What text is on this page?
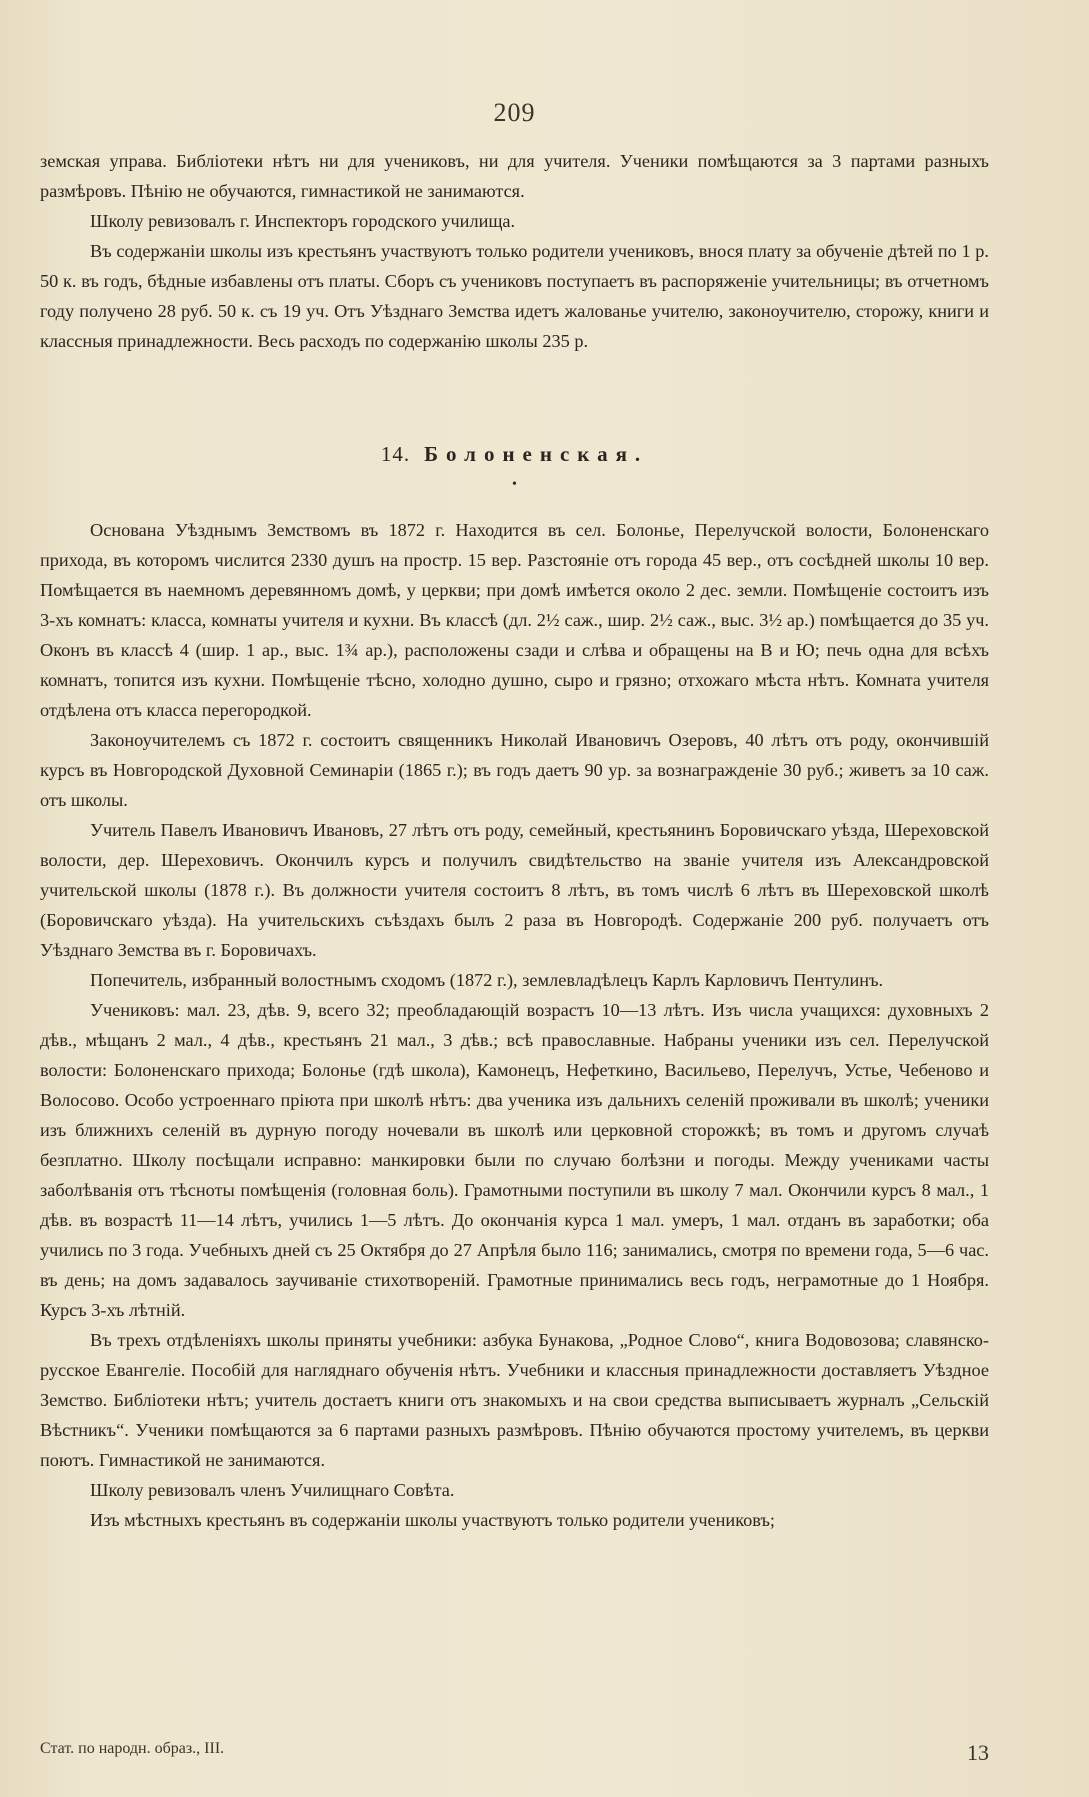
209

земская управа. Библіотеки нѣтъ ни для учениковъ, ни для учителя. Ученики помѣщаются за 3 партами разныхъ размѣровъ. Пѣнію не обучаются, гимнастикой не занимаются.

Школу ревизовалъ г. Инспекторъ городского училища.

Въ содержаніи школы изъ крестьянъ участвуютъ только родители учениковъ, внося плату за обученіе дѣтей по 1 р. 50 к. въ годъ, бѣдные избавлены отъ платы. Сборъ съ учениковъ поступаетъ въ распоряженіе учительницы; въ отчетномъ году получено 28 руб. 50 к. съ 19 уч. Отъ Уѣзднаго Земства идетъ жалованье учителю, законоучителю, сторожу, книги и классныя принадлежности. Весь расходъ по содержанію школы 235 р.

14. Болоненская.
•

Основана Уѣзднымъ Земствомъ въ 1872 г. Находится въ сел. Болонье, Перелучской волости, Болоненскаго прихода, въ которомъ числится 2330 душъ на простр. 15 вер. Разстояніе отъ города 45 вер., отъ сосѣдней школы 10 вер. Помѣщается въ наемномъ деревянномъ домѣ, у церкви; при домѣ имѣется около 2 дес. земли. Помѣщеніе состоитъ изъ 3-хъ комнатъ: класса, комнаты учителя и кухни. Въ классѣ (дл. 2½ саж., шир. 2½ саж., выс. 3½ ар.) помѣщается до 35 уч. Оконъ въ классѣ 4 (шир. 1 ар., выс. 1¾ ар.), расположены сзади и слѣва и обращены на В и Ю; печь одна для всѣхъ комнатъ, топится изъ кухни. Помѣщеніе тѣсно, холодно душно, сыро и грязно; отхожаго мѣста нѣтъ. Комната учителя отдѣлена отъ класса перегородкой.

Законоучителемъ съ 1872 г. состоитъ священникъ Николай Ивановичъ Озеровъ, 40 лѣтъ отъ роду, окончившій курсъ въ Новгородской Духовной Семинаріи (1865 г.); въ годъ даетъ 90 ур. за вознагражденіе 30 руб.; живетъ за 10 саж. отъ школы.

Учитель Павелъ Ивановичъ Ивановъ, 27 лѣтъ отъ роду, семейный, крестьянинъ Боровичскаго уѣзда, Шереховской волости, дер. Шереховичъ. Окончилъ курсъ и получилъ свидѣтельство на званіе учителя изъ Александровской учительской школы (1878 г.). Въ должности учителя состоитъ 8 лѣтъ, въ томъ числѣ 6 лѣтъ въ Шереховской школѣ (Боровичскаго уѣзда). На учительскихъ съѣздахъ былъ 2 раза въ Новгородѣ. Содержаніе 200 руб. получаетъ отъ Уѣзднаго Земства въ г. Боровичахъ.

Попечитель, избранный волостнымъ сходомъ (1872 г.), землевладѣлецъ Карлъ Карловичъ Пентулинъ.

Учениковъ: мал. 23, дѣв. 9, всего 32; преобладающій возрастъ 10—13 лѣтъ. Изъ числа учащихся: духовныхъ 2 дѣв., мѣщанъ 2 мал., 4 дѣв., крестьянъ 21 мал., 3 дѣв.; всѣ православные. Набраны ученики изъ сел. Перелучской волости: Болоненскаго прихода; Болонье (гдѣ школа), Камонецъ, Нефеткино, Васильево, Перелучъ, Устье, Чебеново и Волосово. Особо устроеннаго пріюта при школѣ нѣтъ: два ученика изъ дальнихъ селеній проживали въ школѣ; ученики изъ ближнихъ селеній въ дурную погоду ночевали въ школѣ или церковной сторожкѣ; въ томъ и другомъ случаѣ безплатно. Школу посѣщали исправно: манкировки были по случаю болѣзни и погоды. Между учениками часты заболѣванія отъ тѣсноты помѣщенія (головная боль). Грамотными поступили въ школу 7 мал. Окончили курсъ 8 мал., 1 дѣв. въ возрастѣ 11—14 лѣтъ, учились 1—5 лѣтъ. До окончанія курса 1 мал. умеръ, 1 мал. отданъ въ заработки; оба учились по 3 года. Учебныхъ дней съ 25 Октября до 27 Апрѣля было 116; занимались, смотря по времени года, 5—6 час. въ день; на домъ задавалось заучиваніе стихотвореній. Грамотные принимались весь годъ, неграмотные до 1 Ноября. Курсъ 3-хъ лѣтній.

Въ трехъ отдѣленіяхъ школы приняты учебники: азбука Бунакова, „Родное Слово“, книга Водовозова; славянско-русское Евангеліе. Пособій для нагляднаго обученія нѣтъ. Учебники и классныя принадлежности доставляетъ Уѣздное Земство. Библіотеки нѣтъ; учитель достаетъ книги отъ знакомыхъ и на свои средства выписываетъ журналъ „Сельскій Вѣстникъ“. Ученики помѣщаются за 6 партами разныхъ размѣровъ. Пѣнію обучаются простому учителемъ, въ церкви поютъ. Гимнастикой не занимаются.

Школу ревизовалъ членъ Училищнаго Совѣта.

Изъ мѣстныхъ крестьянъ въ содержаніи школы участвуютъ только родители учениковъ;

Стат. по народн. образ., III.	13
